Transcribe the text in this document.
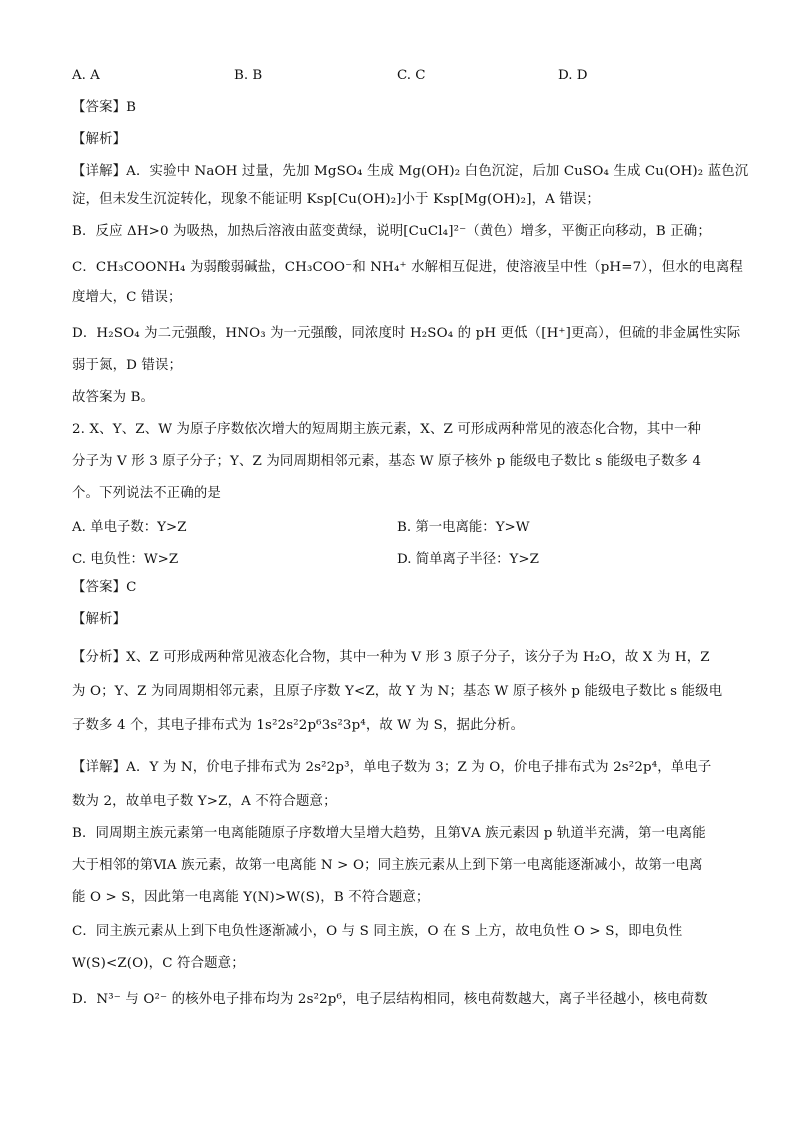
A. A	B. B	C. C	D. D
【答案】B
【解析】
【详解】A．实验中 NaOH 过量，先加 MgSO₄ 生成 Mg(OH)₂ 白色沉淀，后加 CuSO₄ 生成 Cu(OH)₂ 蓝色沉
淀，但未发生沉淀转化，现象不能证明 Ksp[Cu(OH)₂]小于 Ksp[Mg(OH)₂]，A 错误；
B．反应 ΔH>0 为吸热，加热后溶液由蓝变黄绿，说明[CuCl₄]²⁻（黄色）增多，平衡正向移动，B 正确；
C．CH₃COONH₄ 为弱酸弱碱盐，CH₃COO⁻和 NH₄⁺ 水解相互促进，使溶液呈中性（pH=7），但水的电离程
度增大，C 错误；
D．H₂SO₄ 为二元强酸，HNO₃ 为一元强酸，同浓度时 H₂SO₄ 的 pH 更低（[H⁺]更高），但硫的非金属性实际
弱于氮，D 错误；
故答案为 B。
2. X、Y、Z、W 为原子序数依次增大的短周期主族元素，X、Z 可形成两种常见的液态化合物，其中一种
分子为 V 形 3 原子分子；Y、Z 为同周期相邻元素，基态 W 原子核外 p 能级电子数比 s 能级电子数多 4
个。下列说法不正确的是
A. 单电子数：Y>Z	B. 第一电离能：Y>W
C. 电负性：W>Z	D. 简单离子半径：Y>Z
【答案】C
【解析】
【分析】X、Z 可形成两种常见液态化合物，其中一种为 V 形 3 原子分子，该分子为 H₂O，故 X 为 H，Z
为 O；Y、Z 为同周期相邻元素，且原子序数 Y<Z，故 Y 为 N；基态 W 原子核外 p 能级电子数比 s 能级电
子数多 4 个，其电子排布式为 1s²2s²2p⁶3s²3p⁴，故 W 为 S，据此分析。
【详解】A．Y 为 N，价电子排布式为 2s²2p³，单电子数为 3；Z 为 O，价电子排布式为 2s²2p⁴，单电子
数为 2，故单电子数 Y>Z，A 不符合题意；
B．同周期主族元素第一电离能随原子序数增大呈增大趋势，且第ⅤA 族元素因 p 轨道半充满，第一电离能
大于相邻的第ⅥA 族元素，故第一电离能 N > O；同主族元素从上到下第一电离能逐渐减小，故第一电离
能 O > S，因此第一电离能 Y(N)>W(S)，B 不符合题意；
C．同主族元素从上到下电负性逐渐减小，O 与 S 同主族，O 在 S 上方，故电负性 O > S，即电负性
W(S)<Z(O)，C 符合题意；
D．N³⁻ 与 O²⁻ 的核外电子排布均为 2s²2p⁶，电子层结构相同，核电荷数越大，离子半径越小，核电荷数
